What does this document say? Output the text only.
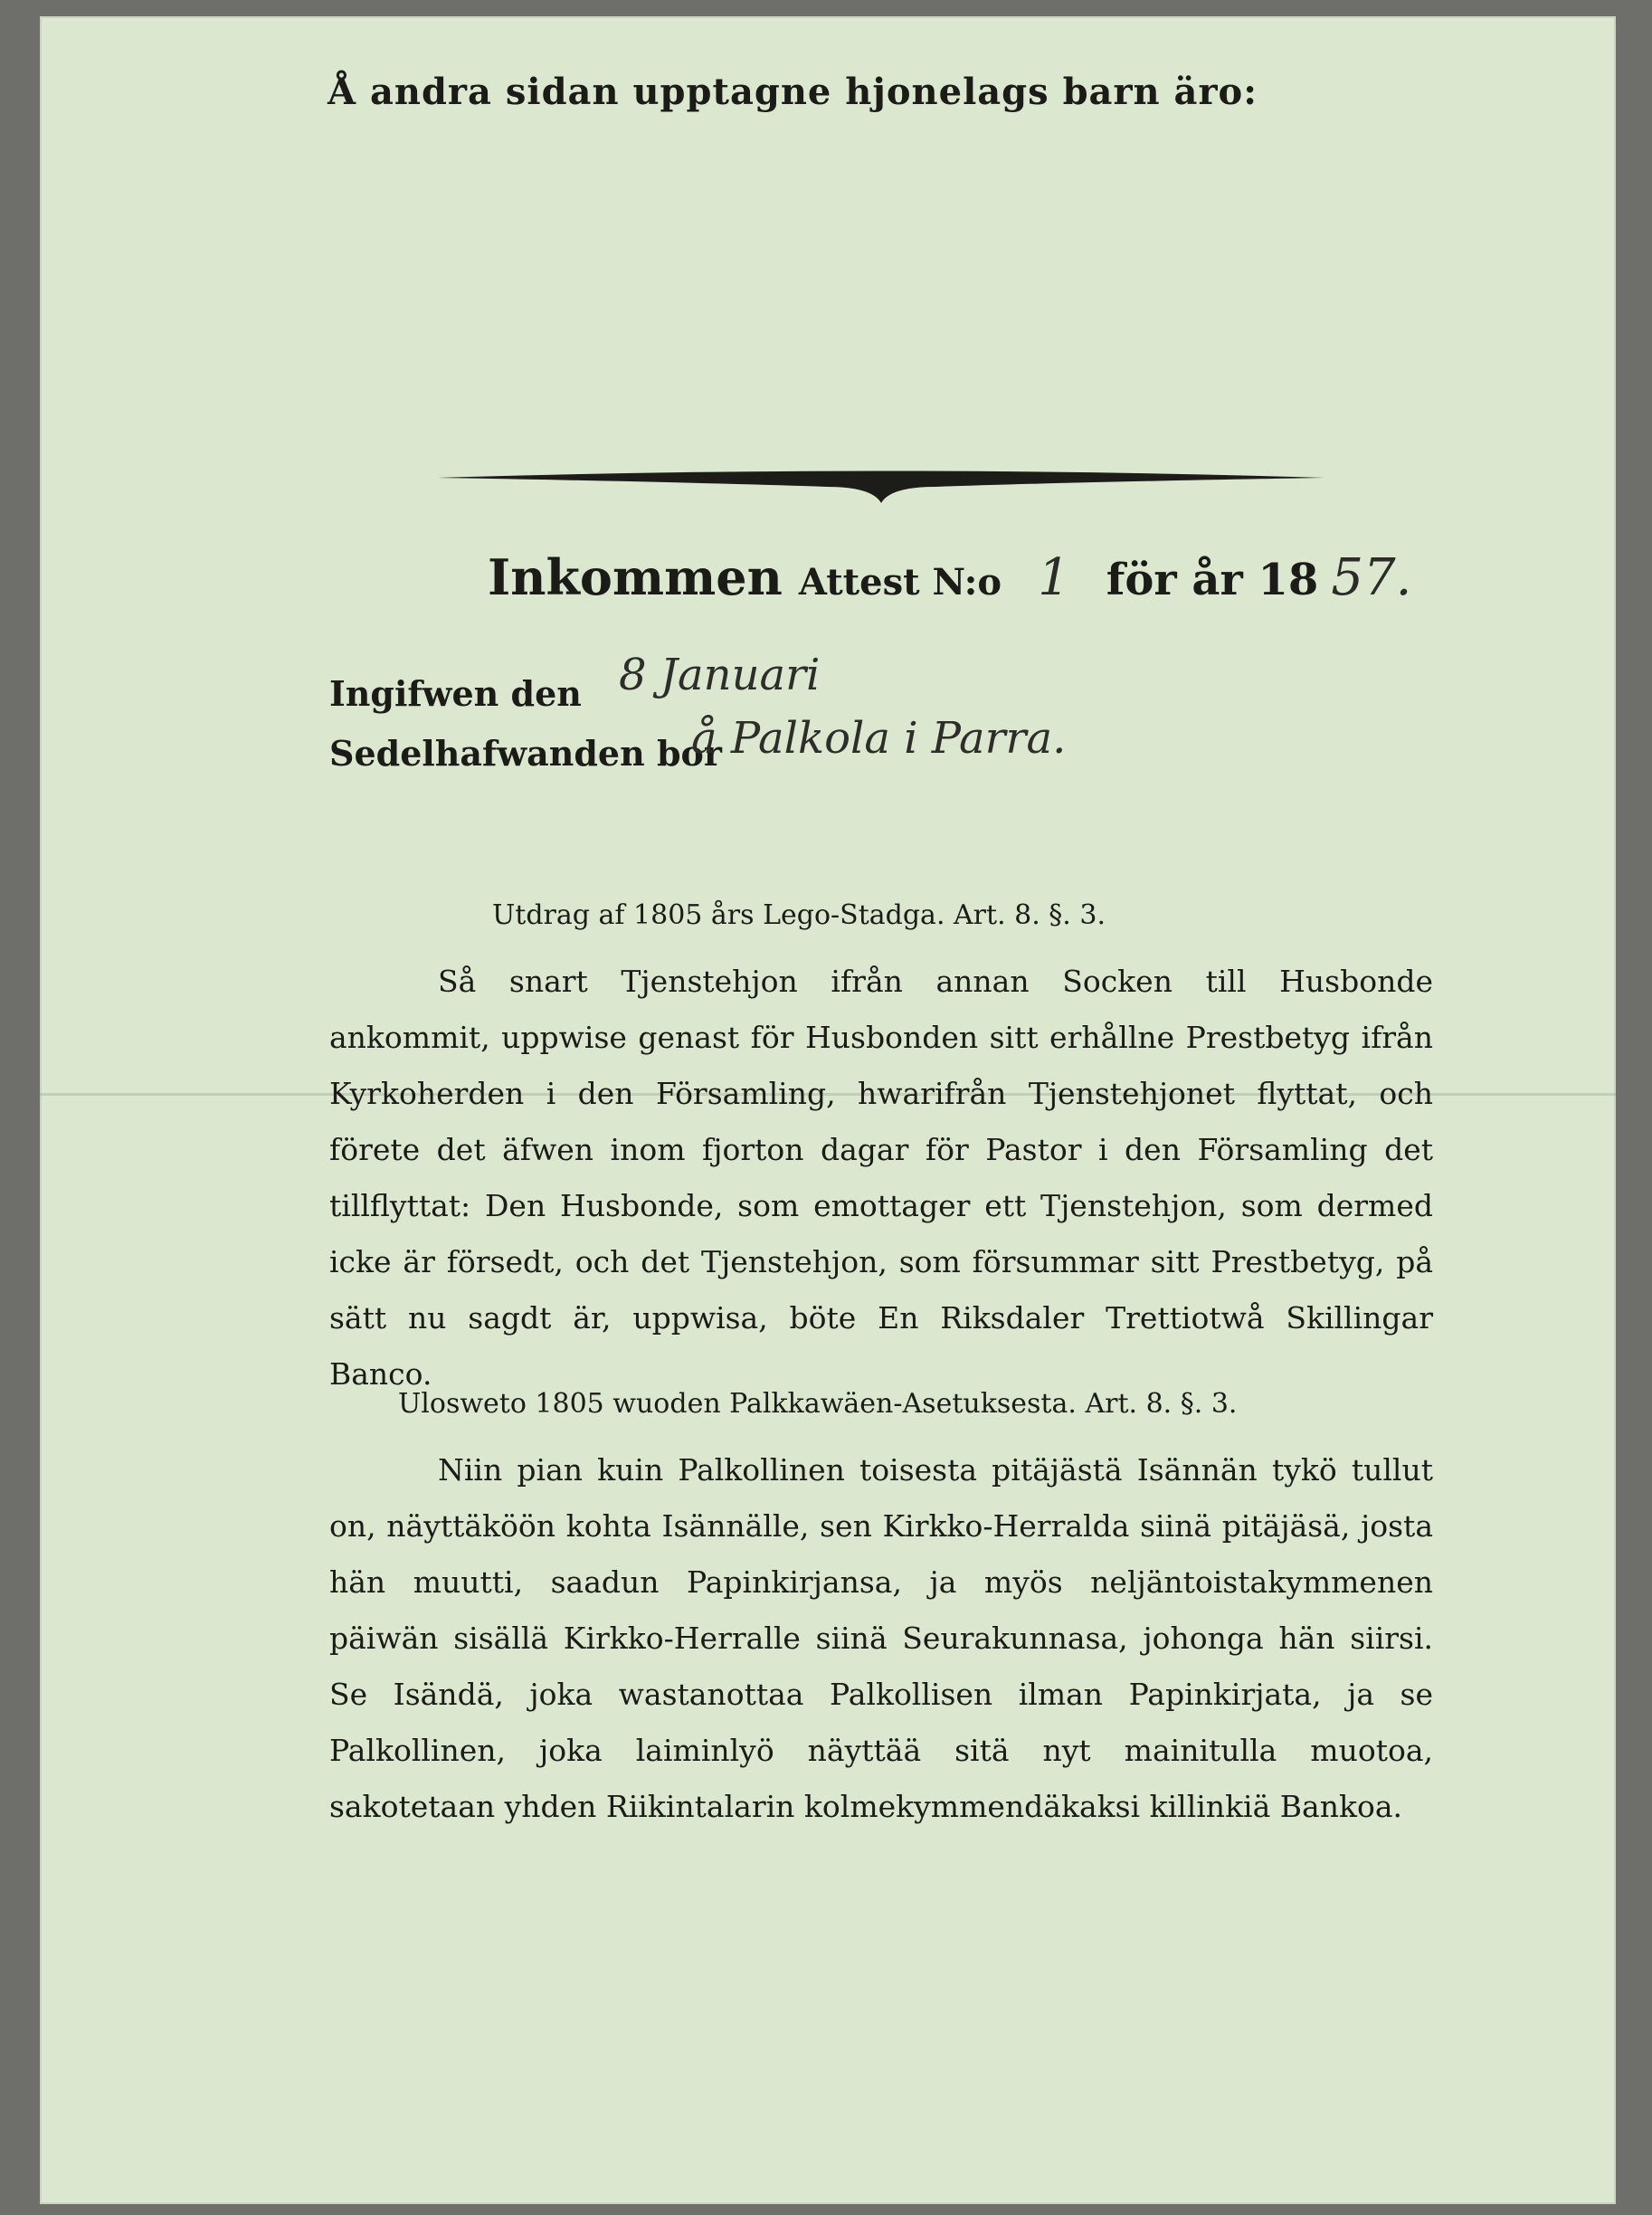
Å andra sidan upptagne hjonelags barn äro:
Inkommen Attest N:o 1 för år 18 57.
Ingifwen den 8 Januari
Sedelhafwanden bor
å Palkola i Parra.
Utdrag af 1805 års Lego-Stadga. Art. 8. §. 3.
Så snart Tjenstehjon ifrån annan Socken till Husbonde ankommit, uppwise genast för Husbonden sitt erhållne Prestbetyg ifrån Kyrkoherden i den Församling, hwarifrån Tjenstehjonet flyttat, och förete det äfwen inom fjorton dagar för Pastor i den Församling det tillflyttat: Den Husbonde, som emottager ett Tjenstehjon, som dermed icke är försedt, och det Tjenstehjon, som försummar sitt Prestbetyg, på sätt nu sagdt är, uppwisa, böte En Riksdaler Trettiotwå Skillingar Banco.
Ulosweto 1805 wuoden Palkkawäen-Asetuksesta. Art. 8. §. 3.
Niin pian kuin Palkollinen toisesta pitäjästä Isännän tykö tullut on, näyttäköön kohta Isännälle, sen Kirkko-Herralda siinä pitäjäsä, josta hän muutti, saadun Papinkirjansa, ja myös neljäntoistakymmenen päiwän sisällä Kirkko-Herralle siinä Seurakunnasa, johonga hän siirsi. Se Isändä, joka wastanottaa Palkollisen ilman Papinkirjata, ja se Palkollinen, joka laiminlyö näyttää sitä nyt mainitulla muotoa, sakotetaan yhden Riikintalarin kolmekymmendäkaksi killinkiä Bankoa.
